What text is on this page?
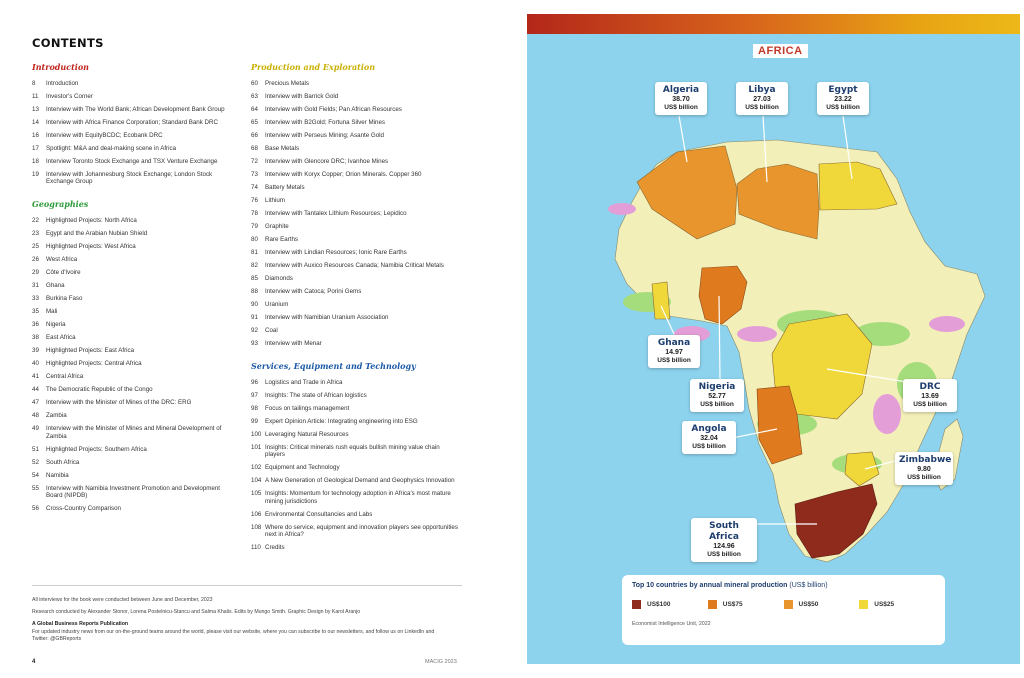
CONTENTS
Introduction
8	Introduction
11	Investor's Corner
13	Interview with The World Bank; African Development Bank Group
14	Interview with Africa Finance Corporation; Standard Bank DRC
16	Interview with EquityBCDC; Ecobank DRC
17	Spotlight: M&A and deal-making scene in Africa
18	Interview Toronto Stock Exchange and TSX Venture Exchange
19	Interview with Johannesburg Stock Exchange; London Stock Exchange Group
Geographies
22	Highlighted Projects: North Africa
23	Egypt and the Arabian Nubian Shield
25	Highlighted Projects: West Africa
26	West Africa
29	Côte d'Ivoire
31	Ghana
33	Burkina Faso
35	Mali
36	Nigeria
38	East Africa
39	Highlighted Projects: East Africa
40	Highlighted Projects: Central Africa
41	Central Africa
44	The Democratic Republic of the Congo
47	Interview with the Minister of Mines of the DRC: ERG
48	Zambia
49	Interview with the Minister of Mines and Mineral Development of Zambia
51	Highlighted Projects: Southern Africa
52	South Africa
54	Namibia
55	Interview with Namibia Investment Promotion and Development Board (NIPDB)
56	Cross-Country Comparison
Production and Exploration
60	Precious Metals
63	Interview with Barrick Gold
64	Interview with Gold Fields; Pan African Resources
65	Interview with B2Gold; Fortuna Silver Mines
66	Interview with Perseus Mining; Asante Gold
68	Base Metals
72	Interview with Glencore DRC; Ivanhoe Mines
73	Interview with Koryx Copper; Orion Minerals. Copper 360
74	Battery Metals
76	Lithium
78	Interview with Tantalex Lithium Resources; Lepidico
79	Graphite
80	Rare Earths
81	Interview with Lindian Resources; Ionic Rare Earths
82	Interview with Auxico Resources Canada; Namibia Critical Metals
85	Diamonds
88	Interview with Catoca; Porini Gems
90	Uranium
91	Interview with Namibian Uranium Association
92	Coal
93	Interview with Menar
Services, Equipment and Technology
96	Logistics and Trade in Africa
97	Insights: The state of African logistics
98	Focus on tailings management
99	Expert Opinion Article: Integrating engineering into ESG
100 Leveraging Natural Resources
101 Insights: Critical minerals rush equals bullish mining value chain players
102 Equipment and Technology
104 A New Generation of Geological Demand and Geophysics Innovation
105 Insights: Momentum for technology adoption in Africa's most mature mining jurisdictions
106 Environmental Consultancies and Labs
108 Where do service, equipment and innovation players see opportunities next in Africa?
110 Credits
All interviews for the book were conducted between June and December, 2023
Research conducted by Alexander Stonor, Lorena Postelnicu-Stancu and Salma Khalis. Edits by Mungo Smith. Graphic Design by Karol Aranjo
A Global Business Reports Publication
For updated industry news from our on-the-ground teams around the world, please visit our website, where you can subscribe to our newsletters, and follow us on LinkedIn and Twitter: @GBReports
4	MACIG 2023
AFRICA
Algeria
38.70
US$ billion
Libya
27.03
US$ billion
Egypt
23.22
US$ billion
Ghana
14.97
US$ billion
Nigeria
52.77
US$ billion
DRC
13.69
US$ billion
Angola
32.04
US$ billion
Zimbabwe
9.80
US$ billion
South Africa
124.96
US$ billion
Top 10 countries by annual mineral production (US$ billion)
US$100	US$75	US$50	US$25
Economist Intelligence Unit, 2022
